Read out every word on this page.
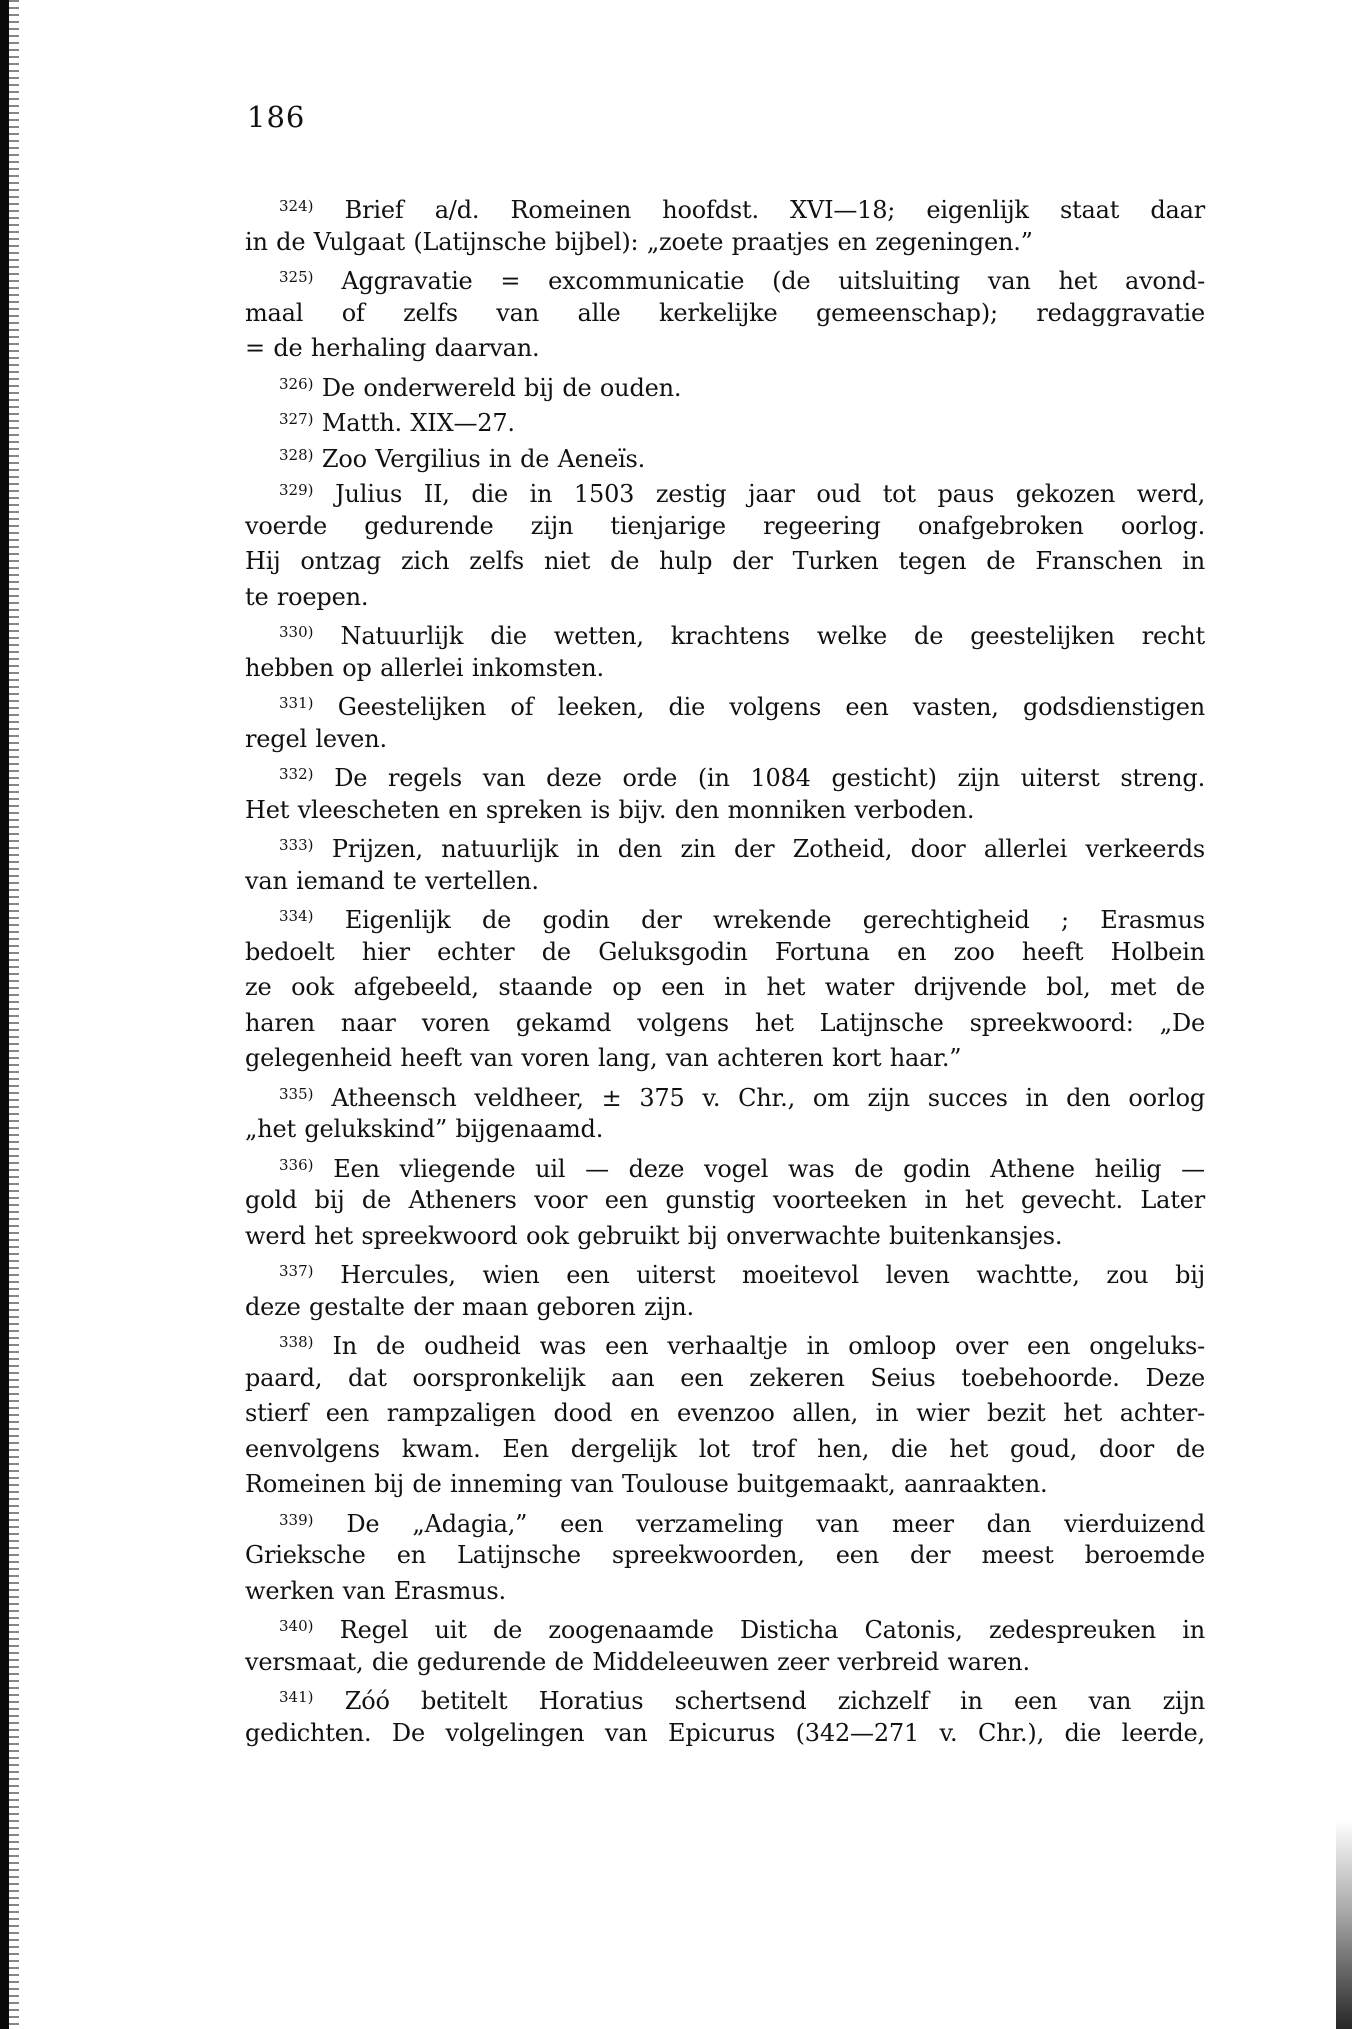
186
$^{324)}$ Brief a/d. Romeinen hoofdst. XVI—18; eigenlijk staat daar
in de Vulgaat (Latijnsche bijbel): „zoete praatjes en zegeningen.”
$^{325)}$ Aggravatie = excommunicatie (de uitsluiting van het avond-
maal of zelfs van alle kerkelijke gemeenschap); redaggravatie
= de herhaling daarvan.
$^{326)}$ De onderwereld bij de ouden.
$^{327)}$ Matth. XIX—27.
$^{328)}$ Zoo Vergilius in de Aeneïs.
$^{329)}$ Julius II, die in 1503 zestig jaar oud tot paus gekozen werd,
voerde gedurende zijn tienjarige regeering onafgebroken oorlog.
Hij ontzag zich zelfs niet de hulp der Turken tegen de Franschen in
te roepen.
$^{330)}$ Natuurlijk die wetten, krachtens welke de geestelijken recht
hebben op allerlei inkomsten.
$^{331)}$ Geestelijken of leeken, die volgens een vasten, godsdienstigen
regel leven.
$^{332)}$ De regels van deze orde (in 1084 gesticht) zijn uiterst streng.
Het vleescheten en spreken is bijv. den monniken verboden.
$^{333)}$ Prijzen, natuurlijk in den zin der Zotheid, door allerlei verkeerds
van iemand te vertellen.
$^{334)}$ Eigenlijk de godin der wrekende gerechtigheid ; Erasmus
bedoelt hier echter de Geluksgodin Fortuna en zoo heeft Holbein
ze ook afgebeeld, staande op een in het water drijvende bol, met de
haren naar voren gekamd volgens het Latijnsche spreekwoord: „De
gelegenheid heeft van voren lang, van achteren kort haar.”
$^{335)}$ Atheensch veldheer, ± 375 v. Chr., om zijn succes in den oorlog
„het gelukskind” bijgenaamd.
$^{336)}$ Een vliegende uil — deze vogel was de godin Athene heilig —
gold bij de Atheners voor een gunstig voorteeken in het gevecht. Later
werd het spreekwoord ook gebruikt bij onverwachte buitenkansjes.
$^{337)}$ Hercules, wien een uiterst moeitevol leven wachtte, zou bij
deze gestalte der maan geboren zijn.
$^{338)}$ In de oudheid was een verhaaltje in omloop over een ongeluks-
paard, dat oorspronkelijk aan een zekeren Seius toebehoorde. Deze
stierf een rampzaligen dood en evenzoo allen, in wier bezit het achter-
eenvolgens kwam. Een dergelijk lot trof hen, die het goud, door de
Romeinen bij de inneming van Toulouse buitgemaakt, aanraakten.
$^{339)}$ De „Adagia,” een verzameling van meer dan vierduizend
Grieksche en Latijnsche spreekwoorden, een der meest beroemde
werken van Erasmus.
$^{340)}$ Regel uit de zoogenaamde Disticha Catonis, zedespreuken in
versmaat, die gedurende de Middeleeuwen zeer verbreid waren.
$^{341)}$ Zóó betitelt Horatius schertsend zichzelf in een van zijn
gedichten. De volgelingen van Epicurus (342—271 v. Chr.), die leerde,
